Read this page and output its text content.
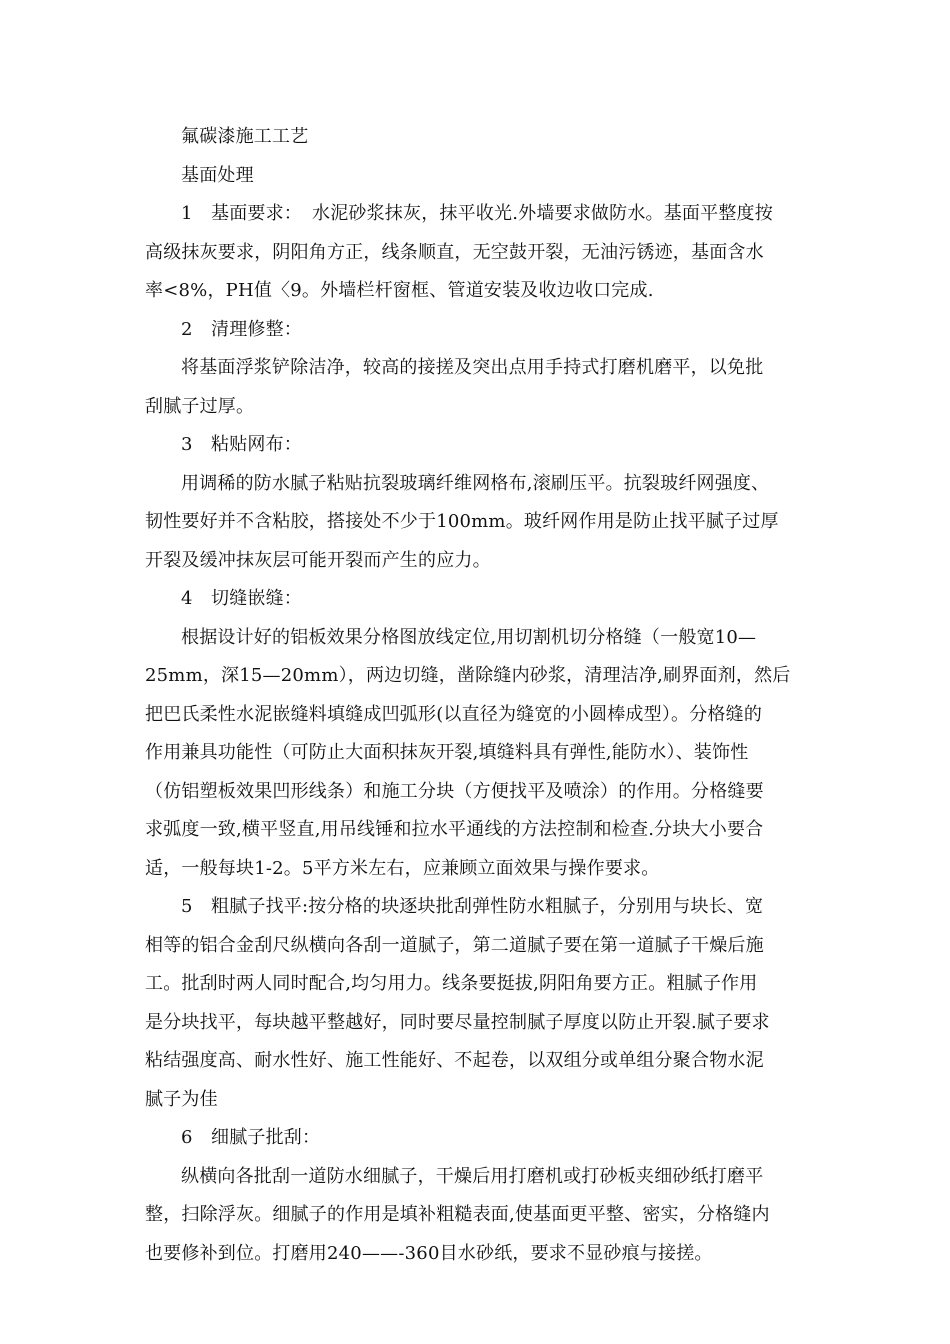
氟碳漆施工工艺

基面处理

1 基面要求： 水泥砂浆抹灰，抹平收光.外墙要求做防水。基面平整度按

高级抹灰要求，阴阳角方正，线条顺直，无空鼓开裂，无油污锈迹，基面含水

率<8%，PH值〈9。外墙栏杆窗框、管道安装及收边收口完成.

2 清理修整：

将基面浮浆铲除洁净，较高的接搓及突出点用手持式打磨机磨平，以免批

刮腻子过厚。

3 粘贴网布：

用调稀的防水腻子粘贴抗裂玻璃纤维网格布,滚刷压平。抗裂玻纤网强度、

韧性要好并不含粘胶，搭接处不少于100mm。玻纤网作用是防止找平腻子过厚

开裂及缓冲抹灰层可能开裂而产生的应力。

4 切缝嵌缝：

根据设计好的铝板效果分格图放线定位,用切割机切分格缝（一般宽10—

25mm，深15—20mm），两边切缝，凿除缝内砂浆，清理洁净,刷界面剂，然后

把巴氏柔性水泥嵌缝料填缝成凹弧形(以直径为缝宽的小圆棒成型）。分格缝的

作用兼具功能性（可防止大面积抹灰开裂,填缝料具有弹性,能防水）、装饰性

（仿铝塑板效果凹形线条）和施工分块（方便找平及喷涂）的作用。分格缝要

求弧度一致,横平竖直,用吊线锤和拉水平通线的方法控制和检查.分块大小要合

适，一般每块1-2。5平方米左右，应兼顾立面效果与操作要求。

5 粗腻子找平:按分格的块逐块批刮弹性防水粗腻子，分别用与块长、宽

相等的铝合金刮尺纵横向各刮一道腻子，第二道腻子要在第一道腻子干燥后施

工。批刮时两人同时配合,均匀用力。线条要挺拔,阴阳角要方正。粗腻子作用

是分块找平，每块越平整越好，同时要尽量控制腻子厚度以防止开裂.腻子要求

粘结强度高、耐水性好、施工性能好、不起卷，以双组分或单组分聚合物水泥

腻子为佳

6 细腻子批刮：

纵横向各批刮一道防水细腻子，干燥后用打磨机或打砂板夹细砂纸打磨平

整，扫除浮灰。细腻子的作用是填补粗糙表面,使基面更平整、密实，分格缝内

也要修补到位。打磨用240——-360目水砂纸，要求不显砂痕与接搓。
